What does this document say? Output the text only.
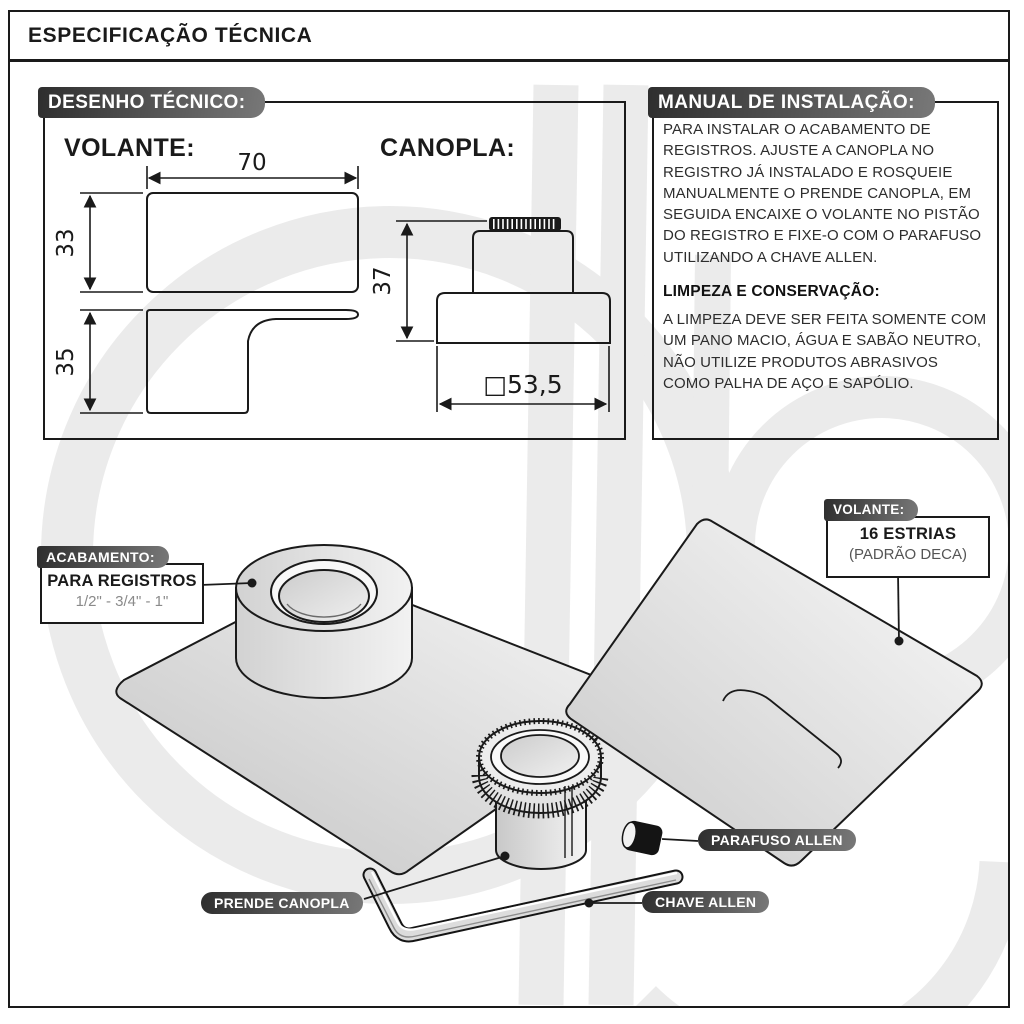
70
33
35
37
□53,5
ESPECIFICAÇÃO TÉCNICA
DESENHO TÉCNICO:	MANUAL DE INSTALAÇÃO:
VOLANTE:	CANOPLA:

PARA INSTALAR O ACABAMENTO DE REGISTROS. AJUSTE A CANOPLA NO REGISTRO JÁ INSTALADO E ROSQUEIE MANUALMENTE O PRENDE CANOPLA, EM SEGUIDA ENCAIXE O VOLANTE NO PISTÃO DO REGISTRO E FIXE-O COM O PARAFUSO UTILIZANDO A CHAVE ALLEN.

LIMPEZA E CONSERVAÇÃO:

A LIMPEZA DEVE SER FEITA SOMENTE COM UM PANO MACIO, ÁGUA E SABÃO NEUTRO, NÃO UTILIZE PRODUTOS ABRASIVOS COMO PALHA DE AÇO E SAPÓLIO.

PARA REGISTROS
1/2" - 3/4" - 1"
ACABAMENTO:
16 ESTRIAS
(PADRÃO DECA)
VOLANTE:
PARAFUSO ALLEN
PRENDE CANOPLA	CHAVE ALLEN
